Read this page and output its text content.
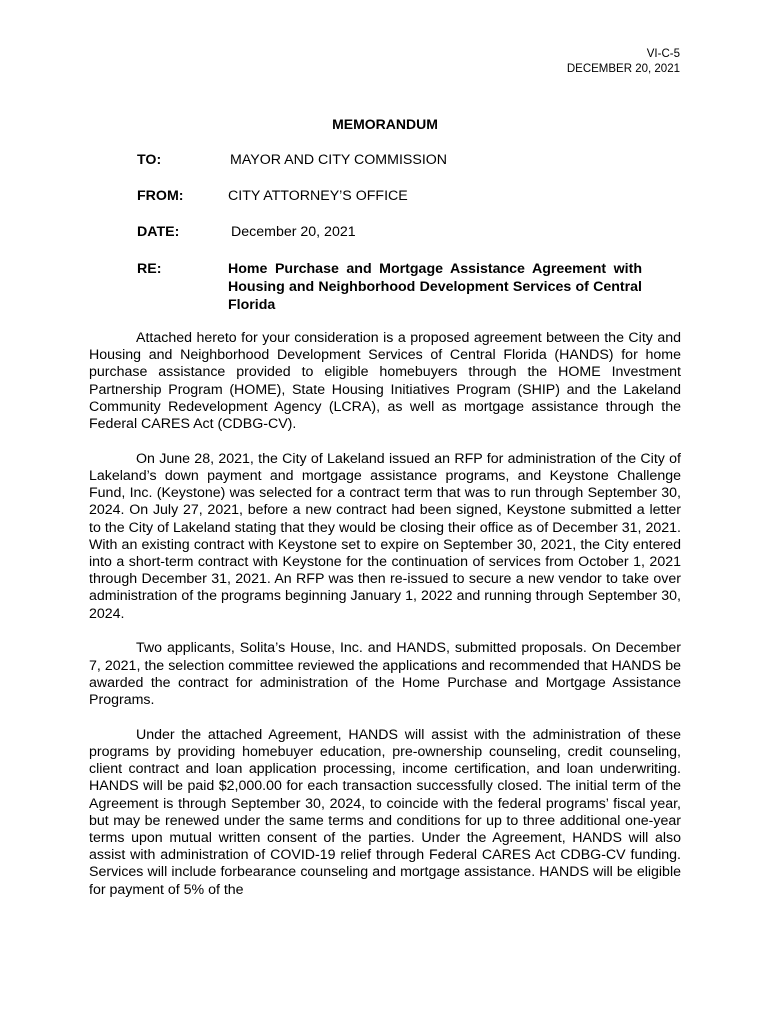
VI-C-5
DECEMBER 20, 2021
MEMORANDUM
TO:	MAYOR AND CITY COMMISSION
FROM:	CITY ATTORNEY’S OFFICE
DATE:	December 20, 2021
RE:	Home Purchase and Mortgage Assistance Agreement with Housing and Neighborhood Development Services of Central Florida

Attached hereto for your consideration is a proposed agreement between the City and Housing and Neighborhood Development Services of Central Florida (HANDS) for home purchase assistance provided to eligible homebuyers through the HOME Investment Partnership Program (HOME), State Housing Initiatives Program (SHIP) and the Lakeland Community Redevelopment Agency (LCRA), as well as mortgage assistance through the Federal CARES Act (CDBG-CV).

On June 28, 2021, the City of Lakeland issued an RFP for administration of the City of Lakeland’s down payment and mortgage assistance programs, and Keystone Challenge Fund, Inc. (Keystone) was selected for a contract term that was to run through September 30, 2024. On July 27, 2021, before a new contract had been signed, Keystone submitted a letter to the City of Lakeland stating that they would be closing their office as of December 31, 2021. With an existing contract with Keystone set to expire on September 30, 2021, the City entered into a short-term contract with Keystone for the continuation of services from October 1, 2021 through December 31, 2021. An RFP was then re-issued to secure a new vendor to take over administration of the programs beginning January 1, 2022 and running through September 30, 2024.

Two applicants, Solita’s House, Inc. and HANDS, submitted proposals. On December 7, 2021, the selection committee reviewed the applications and recommended that HANDS be awarded the contract for administration of the Home Purchase and Mortgage Assistance Programs.

Under the attached Agreement, HANDS will assist with the administration of these programs by providing homebuyer education, pre-ownership counseling, credit counseling, client contract and loan application processing, income certification, and loan underwriting. HANDS will be paid $2,000.00 for each transaction successfully closed. The initial term of the Agreement is through September 30, 2024, to coincide with the federal programs’ fiscal year, but may be renewed under the same terms and conditions for up to three additional one-year terms upon mutual written consent of the parties. Under the Agreement, HANDS will also assist with administration of COVID-19 relief through Federal CARES Act CDBG-CV funding. Services will include forbearance counseling and mortgage assistance. HANDS will be eligible for payment of 5% of the
